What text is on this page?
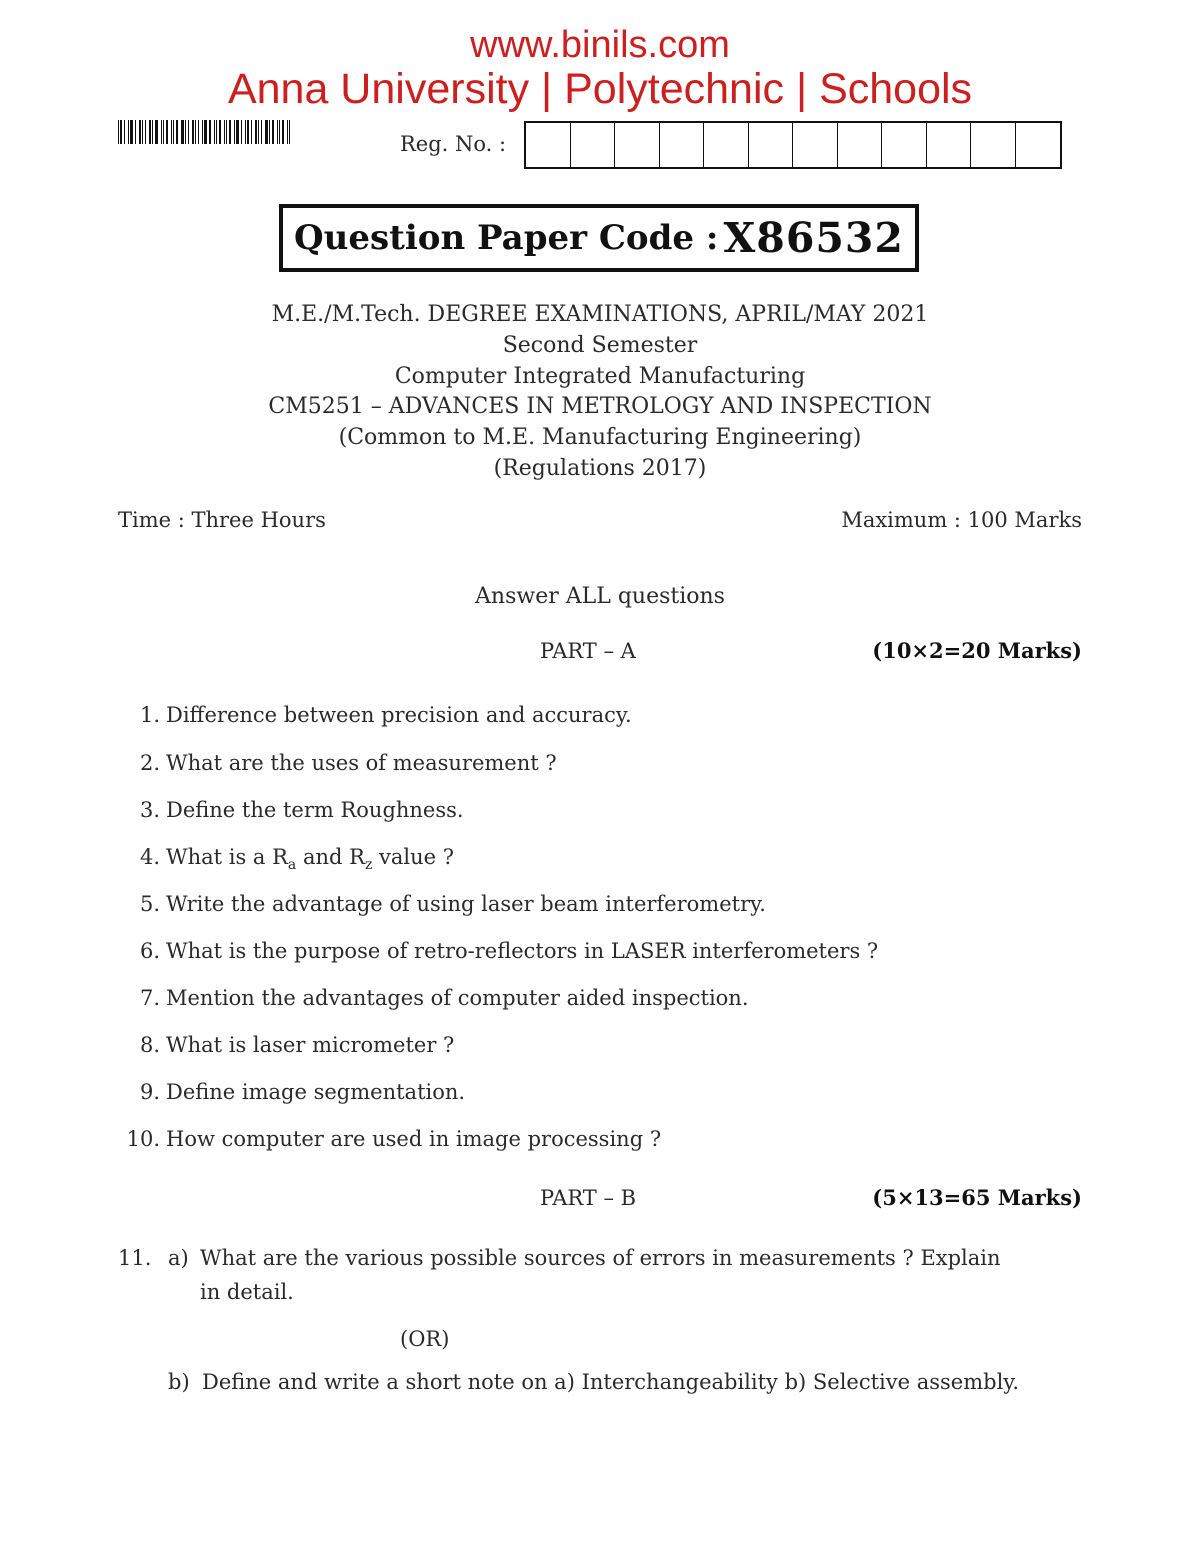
www.binils.com
Anna University | Polytechnic | Schools
Reg. No. :
Question Paper Code :
X86532
M.E./M.Tech. DEGREE EXAMINATIONS, APRIL/MAY 2021
Second Semester
Computer Integrated Manufacturing
CM5251 – ADVANCES IN METROLOGY AND INSPECTION
(Common to M.E. Manufacturing Engineering)
(Regulations 2017)
Time : Three Hours	Maximum : 100 Marks
Answer ALL questions
PART – A	(10×2=20 Marks)
1. Difference between precision and accuracy.
2. What are the uses of measurement ?
3. Define the term Roughness.
4. What is a $R_a$ and $R_z$ value ?
5. Write the advantage of using laser beam interferometry.
6. What is the purpose of retro-reflectors in LASER interferometers ?
7. Mention the advantages of computer aided inspection.
8. What is laser micrometer ?
9. Define image segmentation.
10. How computer are used in image processing ?
PART – B	(5×13=65 Marks)
11. a) What are the various possible sources of errors in measurements ? Explain
in detail.
(OR)
b) Define and write a short note on a) Interchangeability b) Selective assembly.
